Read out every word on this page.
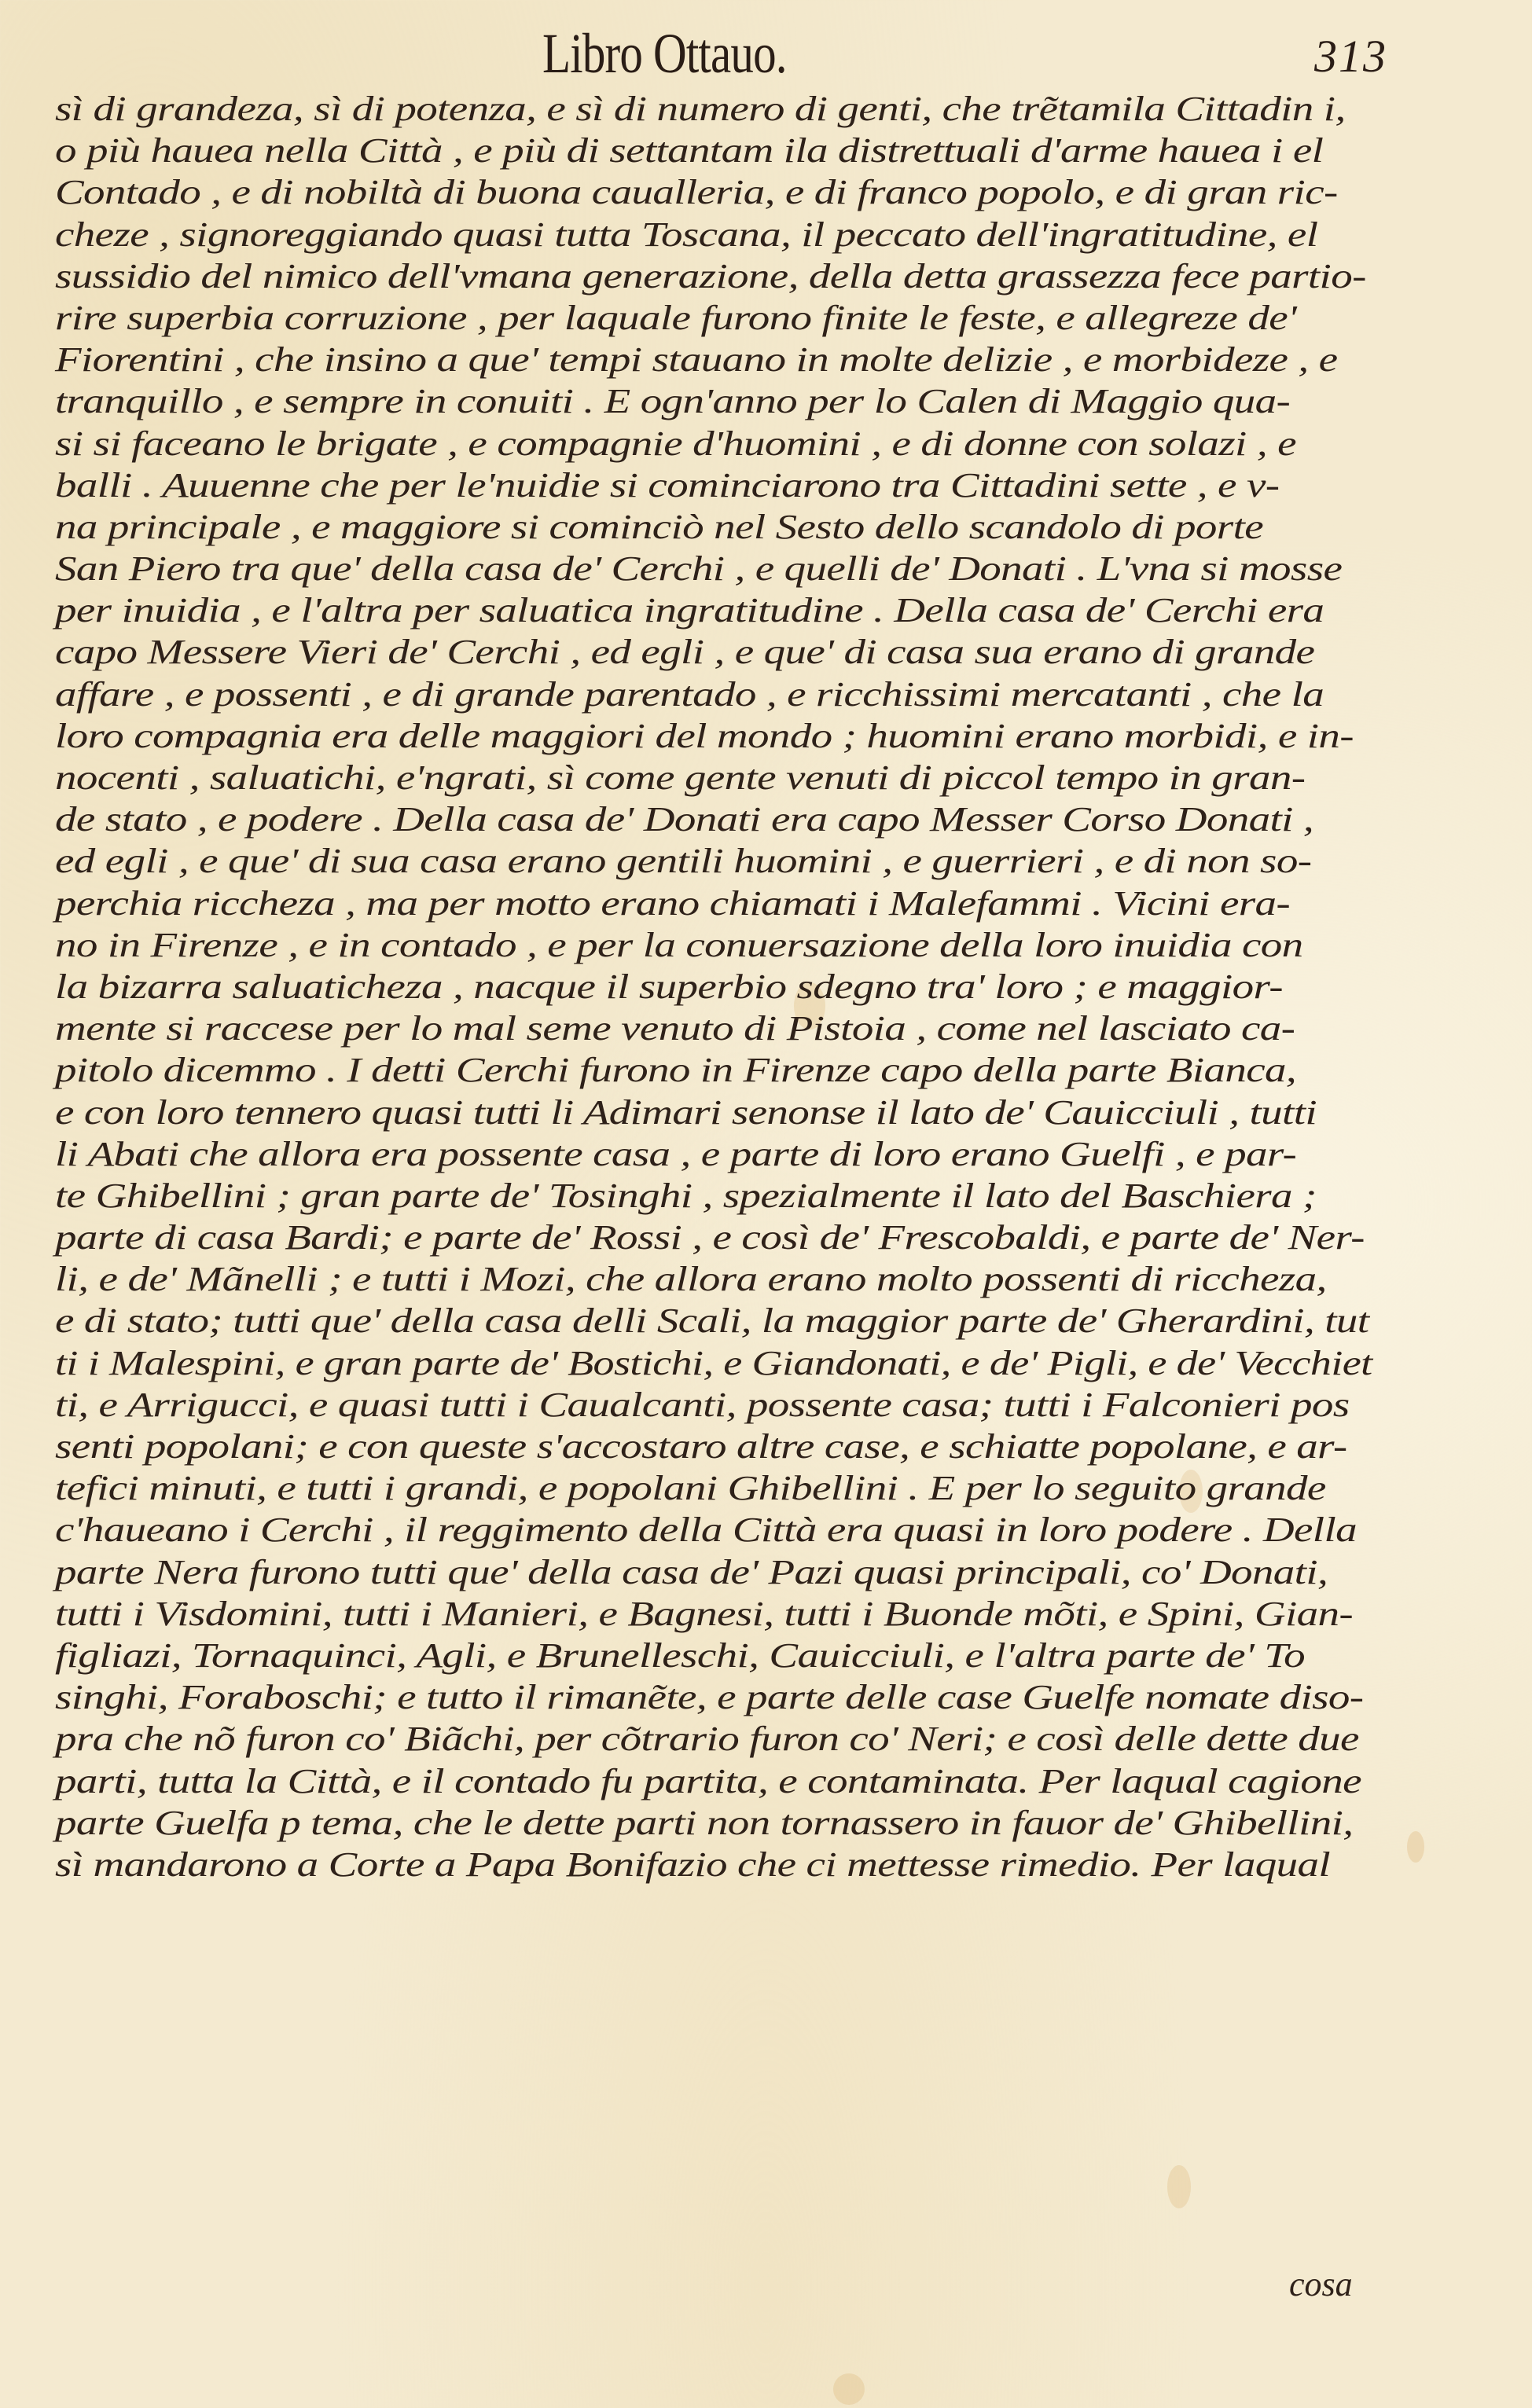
Libro Ottauo.	313
sì di grandeza, sì di potenza, e sì di numero di genti, che trẽtamila Cittadin i,
o più hauea nella Città , e più di settantam ila distrettuali d'arme hauea i el
Contado , e di nobiltà di buona caualleria, e di franco popolo, e di gran ric-
cheze , signoreggiando quasi tutta Toscana, il peccato dell'ingratitudine, el
sussidio del nimico dell'vmana generazione, della detta grassezza fece partio-
rire superbia corruzione , per laquale furono finite le feste, e allegreze de'
Fiorentini , che insino a que' tempi stauano in molte delizie , e morbideze , e
tranquillo , e sempre in conuiti . E ogn'anno per lo Calen di Maggio qua-
si si faceano le brigate , e compagnie d'huomini , e di donne con solazi , e
balli . Auuenne che per le'nuidie si cominciarono tra Cittadini sette , e v-
na principale , e maggiore si cominciò nel Sesto dello scandolo di porte
San Piero tra que' della casa de' Cerchi , e quelli de' Donati . L'vna si mosse
per inuidia , e l'altra per saluatica ingratitudine . Della casa de' Cerchi era
capo Messere Vieri de' Cerchi , ed egli , e que' di casa sua erano di grande
affare , e possenti , e di grande parentado , e ricchissimi mercatanti , che la
loro compagnia era delle maggiori del mondo ; huomini erano morbidi, e in-
nocenti , saluatichi, e'ngrati, sì come gente venuti di piccol tempo in gran-
de stato , e podere . Della casa de' Donati era capo Messer Corso Donati ,
ed egli , e que' di sua casa erano gentili huomini , e guerrieri , e di non so-
perchia riccheza , ma per motto erano chiamati i Malefammi . Vicini era-
no in Firenze , e in contado , e per la conuersazione della loro inuidia con
la bizarra saluaticheza , nacque il superbio sdegno tra' loro ; e maggior-
mente si raccese per lo mal seme venuto di Pistoia , come nel lasciato ca-
pitolo dicemmo . I detti Cerchi furono in Firenze capo della parte Bianca,
e con loro tennero quasi tutti li Adimari senonse il lato de' Cauicciuli , tutti
li Abati che allora era possente casa , e parte di loro erano Guelfi , e par-
te Ghibellini ; gran parte de' Tosinghi , spezialmente il lato del Baschiera ;
parte di casa Bardi; e parte de' Rossi , e così de' Frescobaldi, e parte de' Ner-
li, e de' Mãnelli ; e tutti i Mozi, che allora erano molto possenti di riccheza,
e di stato; tutti que' della casa delli Scali, la maggior parte de' Gherardini, tut
ti i Malespini, e gran parte de' Bostichi, e Giandonati, e de' Pigli, e de' Vecchiet
ti, e Arrigucci, e quasi tutti i Caualcanti, possente casa; tutti i Falconieri pos
senti popolani; e con queste s'accostaro altre case, e schiatte popolane, e ar-
tefici minuti, e tutti i grandi, e popolani Ghibellini . E per lo seguito grande
c'haueano i Cerchi , il reggimento della Città era quasi in loro podere . Della
parte Nera furono tutti que' della casa de' Pazi quasi principali, co' Donati,
tutti i Visdomini, tutti i Manieri, e Bagnesi, tutti i Buonde mõti, e Spini, Gian-
figliazi, Tornaquinci, Agli, e Brunelleschi, Cauicciuli, e l'altra parte de' To
singhi, Foraboschi; e tutto il rimanẽte, e parte delle case Guelfe nomate diso-
pra che nõ furon co' Biãchi, per cõtrario furon co' Neri; e così delle dette due
parti, tutta la Città, e il contado fu partita, e contaminata. Per laqual cagione
parte Guelfa p tema, che le dette parti non tornassero in fauor de' Ghibellini,
sì mandarono a Corte a Papa Bonifazio che ci mettesse rimedio. Per laqual
cosa
